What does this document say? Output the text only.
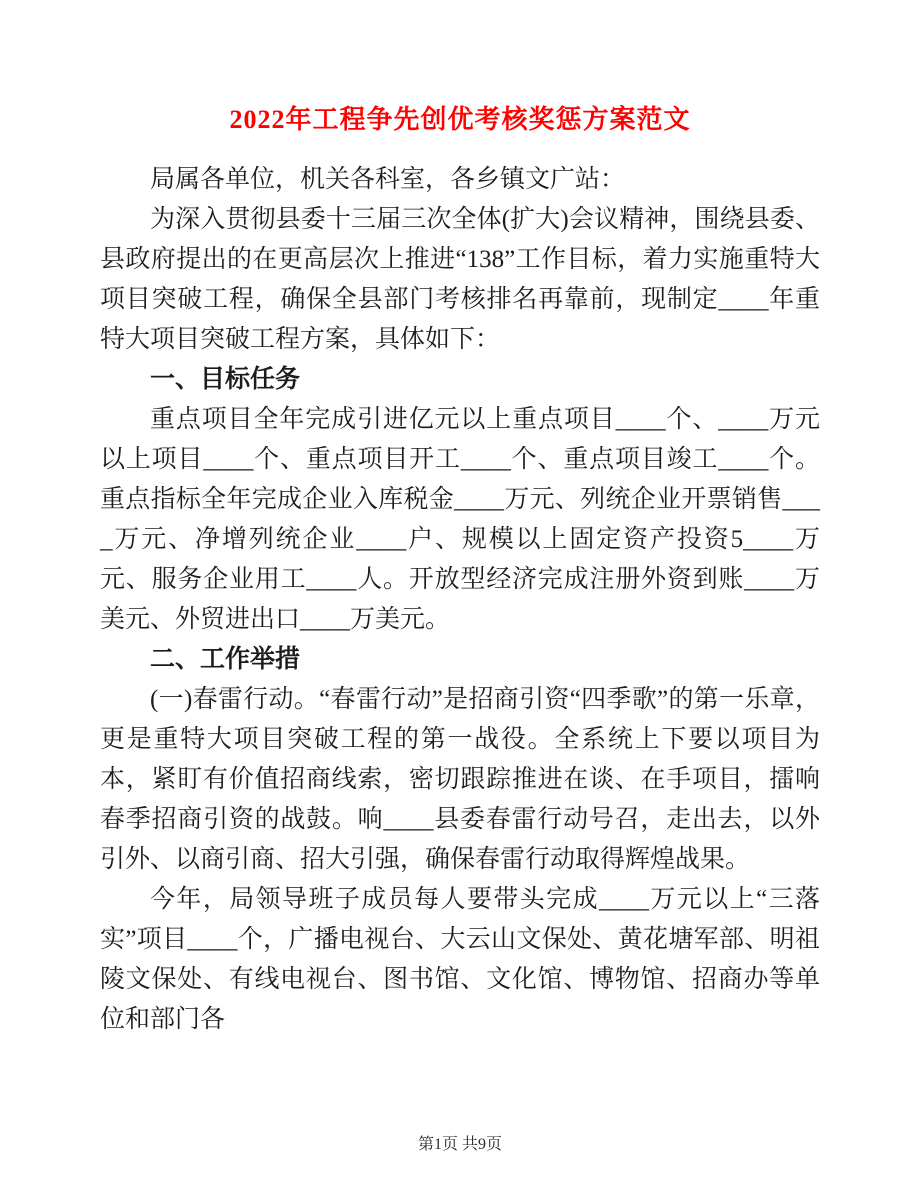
2022年工程争先创优考核奖惩方案范文

局属各单位，机关各科室，各乡镇文广站：

为深入贯彻县委十三届三次全体(扩大)会议精神，围绕县委、县政府提出的在更高层次上推进“138”工作目标，着力实施重特大项目突破工程，确保全县部门考核排名再靠前，现制定____年重特大项目突破工程方案，具体如下：

一、目标任务

重点项目全年完成引进亿元以上重点项目____个、____万元以上项目____个、重点项目开工____个、重点项目竣工____个。重点指标全年完成企业入库税金____万元、列统企业开票销售____万元、净增列统企业____户、规模以上固定资产投资5____万元、服务企业用工____人。开放型经济完成注册外资到账____万美元、外贸进出口____万美元。

二、工作举措

(一)春雷行动。“春雷行动”是招商引资“四季歌”的第一乐章，更是重特大项目突破工程的第一战役。全系统上下要以项目为本，紧盯有价值招商线索，密切跟踪推进在谈、在手项目，擂响春季招商引资的战鼓。响____县委春雷行动号召，走出去，以外引外、以商引商、招大引强，确保春雷行动取得辉煌战果。

今年，局领导班子成员每人要带头完成____万元以上“三落实”项目____个，广播电视台、大云山文保处、黄花塘军部、明祖陵文保处、有线电视台、图书馆、文化馆、博物馆、招商办等单位和部门各

第1页 共9页
